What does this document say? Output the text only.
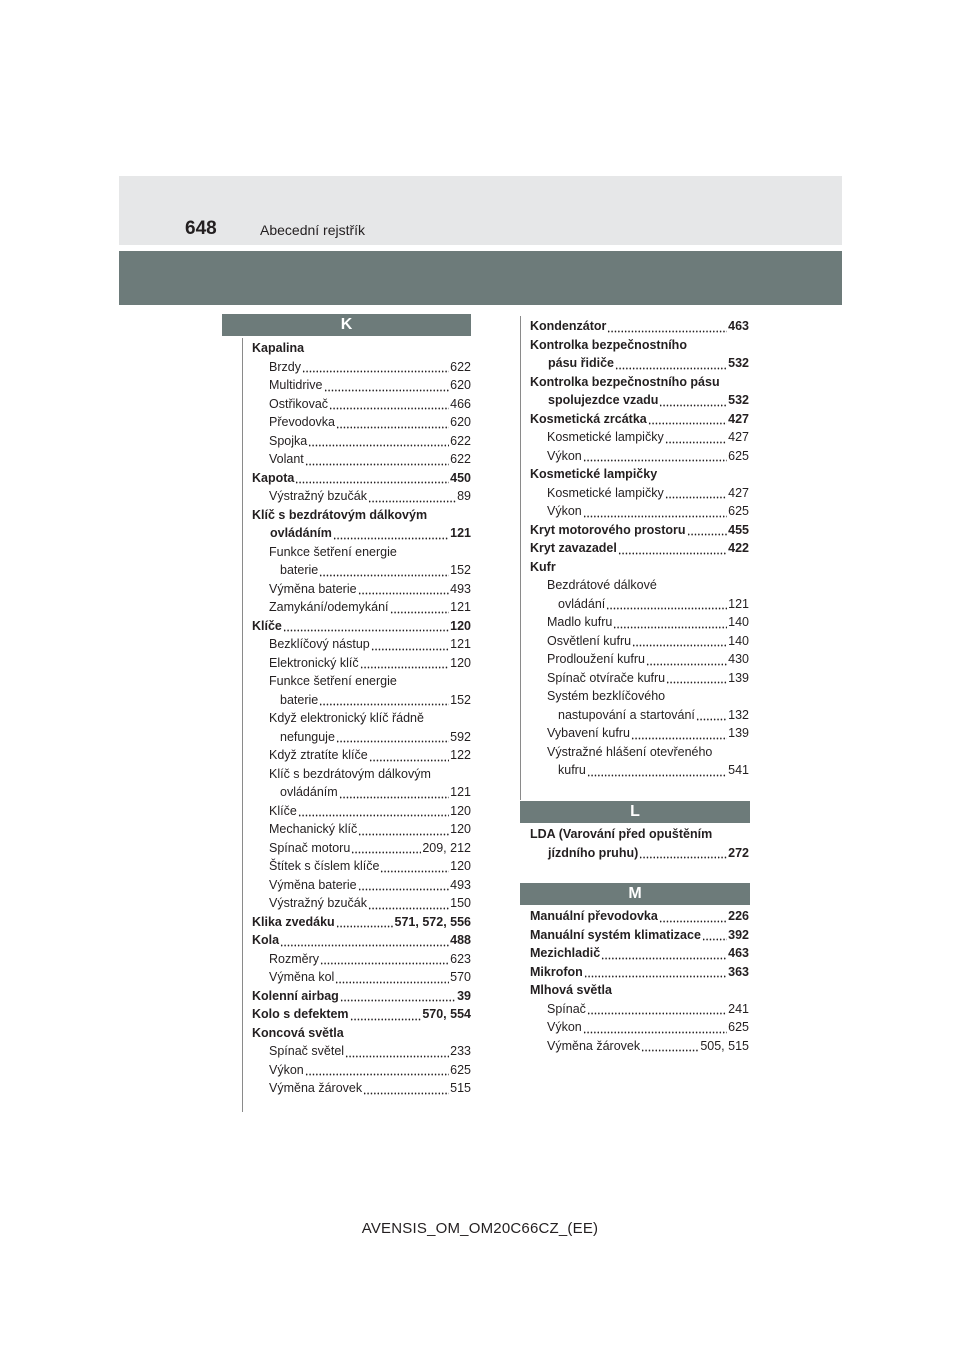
648	Abecední rejstřík
K
Kapalina
Brzdy	622
Multidrive	620
Ostřikovač	466
Převodovka	620
Spojka	622
Volant	622
Kapota	450
Výstražný bzučák	89
Klíč s bezdrátovým dálkovým
ovládáním	121
Funkce šetření energie
baterie	152
Výměna baterie	493
Zamykání/odemykání	121
Klíče	120
Bezklíčový nástup	121
Elektronický klíč	120
Funkce šetření energie
baterie	152
Když elektronický klíč řádně
nefunguje	592
Když ztratíte klíče	122
Klíč s bezdrátovým dálkovým
ovládáním	121
Klíče	120
Mechanický klíč	120
Spínač motoru	209, 212
Štítek s číslem klíče	120
Výměna baterie	493
Výstražný bzučák	150
Klika zvedáku	571, 572, 556
Kola	488
Rozměry	623
Výměna kol	570
Kolenní airbag	39
Kolo s defektem	570, 554
Koncová světla
Spínač světel	233
Výkon	625
Výměna žárovek	515
Kondenzátor	463
Kontrolka bezpečnostního
pásu řidiče	532
Kontrolka bezpečnostního pásu
spolujezdce vzadu	532
Kosmetická zrcátka	427
Kosmetické lampičky	427
Výkon	625
Kosmetické lampičky
Kosmetické lampičky	427
Výkon	625
Kryt motorového prostoru	455
Kryt zavazadel	422
Kufr
Bezdrátové dálkové
ovládání	121
Madlo kufru	140
Osvětlení kufru	140
Prodloužení kufru	430
Spínač otvírače kufru	139
Systém bezklíčového
nastupování a startování	132
Vybavení kufru	139
Výstražné hlášení otevřeného
kufru	541
L
LDA (Varování před opuštěním
jízdního pruhu)	272
M
Manuální převodovka	226
Manuální systém klimatizace 392
Mezichladič	463
Mikrofon	363
Mlhová světla
Spínač	241
Výkon	625
Výměna žárovek	505, 515
AVENSIS_OM_OM20C66CZ_(EE)
